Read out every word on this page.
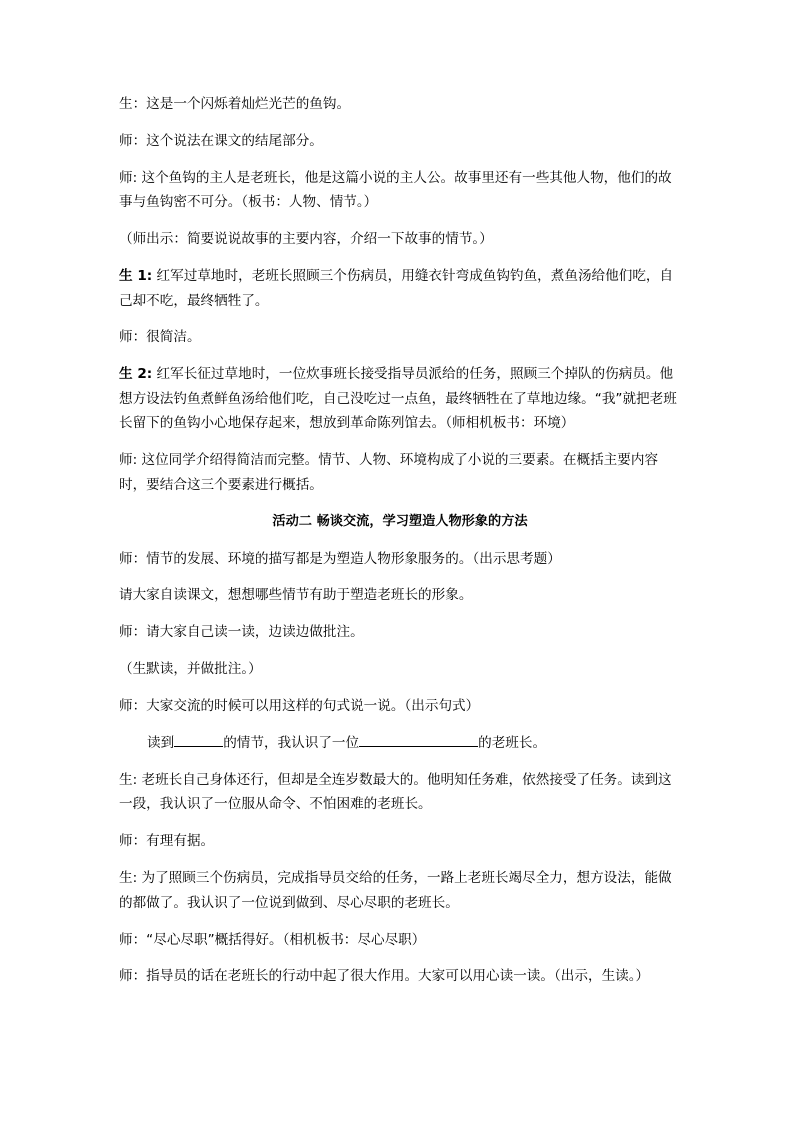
生：这是一个闪烁着灿烂光芒的鱼钩。

师：这个说法在课文的结尾部分。

师: 这个鱼钩的主人是老班长，他是这篇小说的主人公。故事里还有一些其他人物，他们的故事与鱼钩密不可分。（板书：人物、情节。）

（师出示：简要说说故事的主要内容，介绍一下故事的情节。）

生 1: 红军过草地时，老班长照顾三个伤病员，用缝衣针弯成鱼钩钓鱼，煮鱼汤给他们吃，自己却不吃，最终牺牲了。

师：很简洁。

生 2: 红军长征过草地时，一位炊事班长接受指导员派给的任务，照顾三个掉队的伤病员。他想方设法钓鱼煮鲜鱼汤给他们吃，自己没吃过一点鱼，最终牺牲在了草地边缘。“我”就把老班长留下的鱼钩小心地保存起来，想放到革命陈列馆去。（师相机板书：环境）

师: 这位同学介绍得简洁而完整。情节、人物、环境构成了小说的三要素。在概括主要内容时，要结合这三个要素进行概括。

活动二 畅谈交流，学习塑造人物形象的方法

师：情节的发展、环境的描写都是为塑造人物形象服务的。（出示思考题）

请大家自读课文，想想哪些情节有助于塑造老班长的形象。

师：请大家自己读一读，边读边做批注。

（生默读，并做批注。）

师：大家交流的时候可以用这样的句式说一说。（出示句式）

读到	的情节，我认识了一位	的老班长。

生: 老班长自己身体还行，但却是全连岁数最大的。他明知任务难，依然接受了任务。读到这一段，我认识了一位服从命令、不怕困难的老班长。

师：有理有据。

生: 为了照顾三个伤病员，完成指导员交给的任务，一路上老班长竭尽全力，想方设法，能做的都做了。我认识了一位说到做到、尽心尽职的老班长。

师：“尽心尽职”概括得好。（相机板书：尽心尽职）

师：指导员的话在老班长的行动中起了很大作用。大家可以用心读一读。（出示，生读。）
